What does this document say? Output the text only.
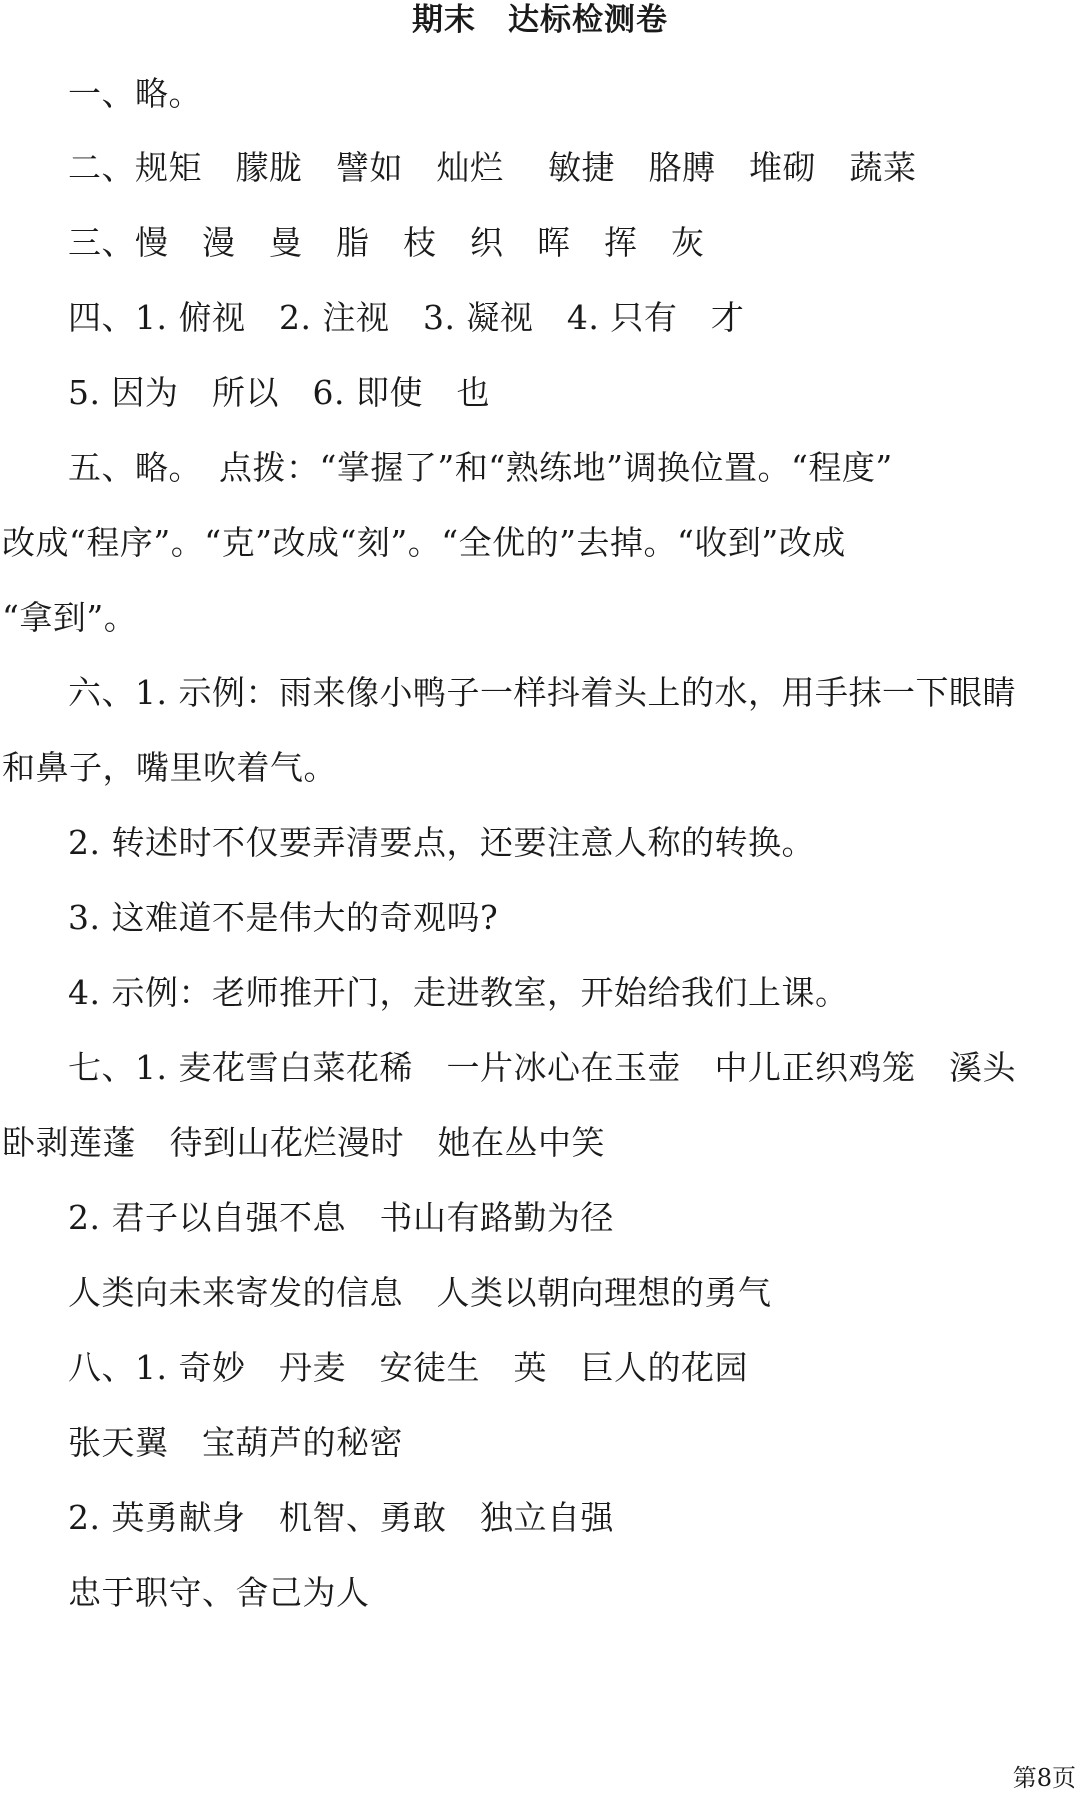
期末　达标检测卷
一、略。
二、规矩　朦胧　譬如　灿烂　 敏捷　胳膊　堆砌　蔬菜
三、慢　漫　曼　脂　枝　织　晖　挥　灰
四、1. 俯视　2. 注视　3. 凝视　4. 只有　才
5. 因为　所以　6. 即使　也
五、略。　点拨：“掌握了”和“熟练地”调换位置。“程度”
改成“程序”。“克”改成“刻”。“全优的”去掉。“收到”改成
“拿到”。
六、1. 示例：雨来像小鸭子一样抖着头上的水，用手抹一下眼睛
和鼻子，嘴里吹着气。
2. 转述时不仅要弄清要点，还要注意人称的转换。
3. 这难道不是伟大的奇观吗?
4. 示例：老师推开门，走进教室，开始给我们上课。
七、1. 麦花雪白菜花稀　一片冰心在玉壶　中儿正织鸡笼　溪头
卧剥莲蓬　待到山花烂漫时　她在丛中笑
2. 君子以自强不息　书山有路勤为径
人类向未来寄发的信息　人类以朝向理想的勇气
八、1. 奇妙　丹麦　安徒生　英　巨人的花园
张天翼　宝葫芦的秘密
2. 英勇献身　机智、勇敢　独立自强
忠于职守、舍己为人
第8页
